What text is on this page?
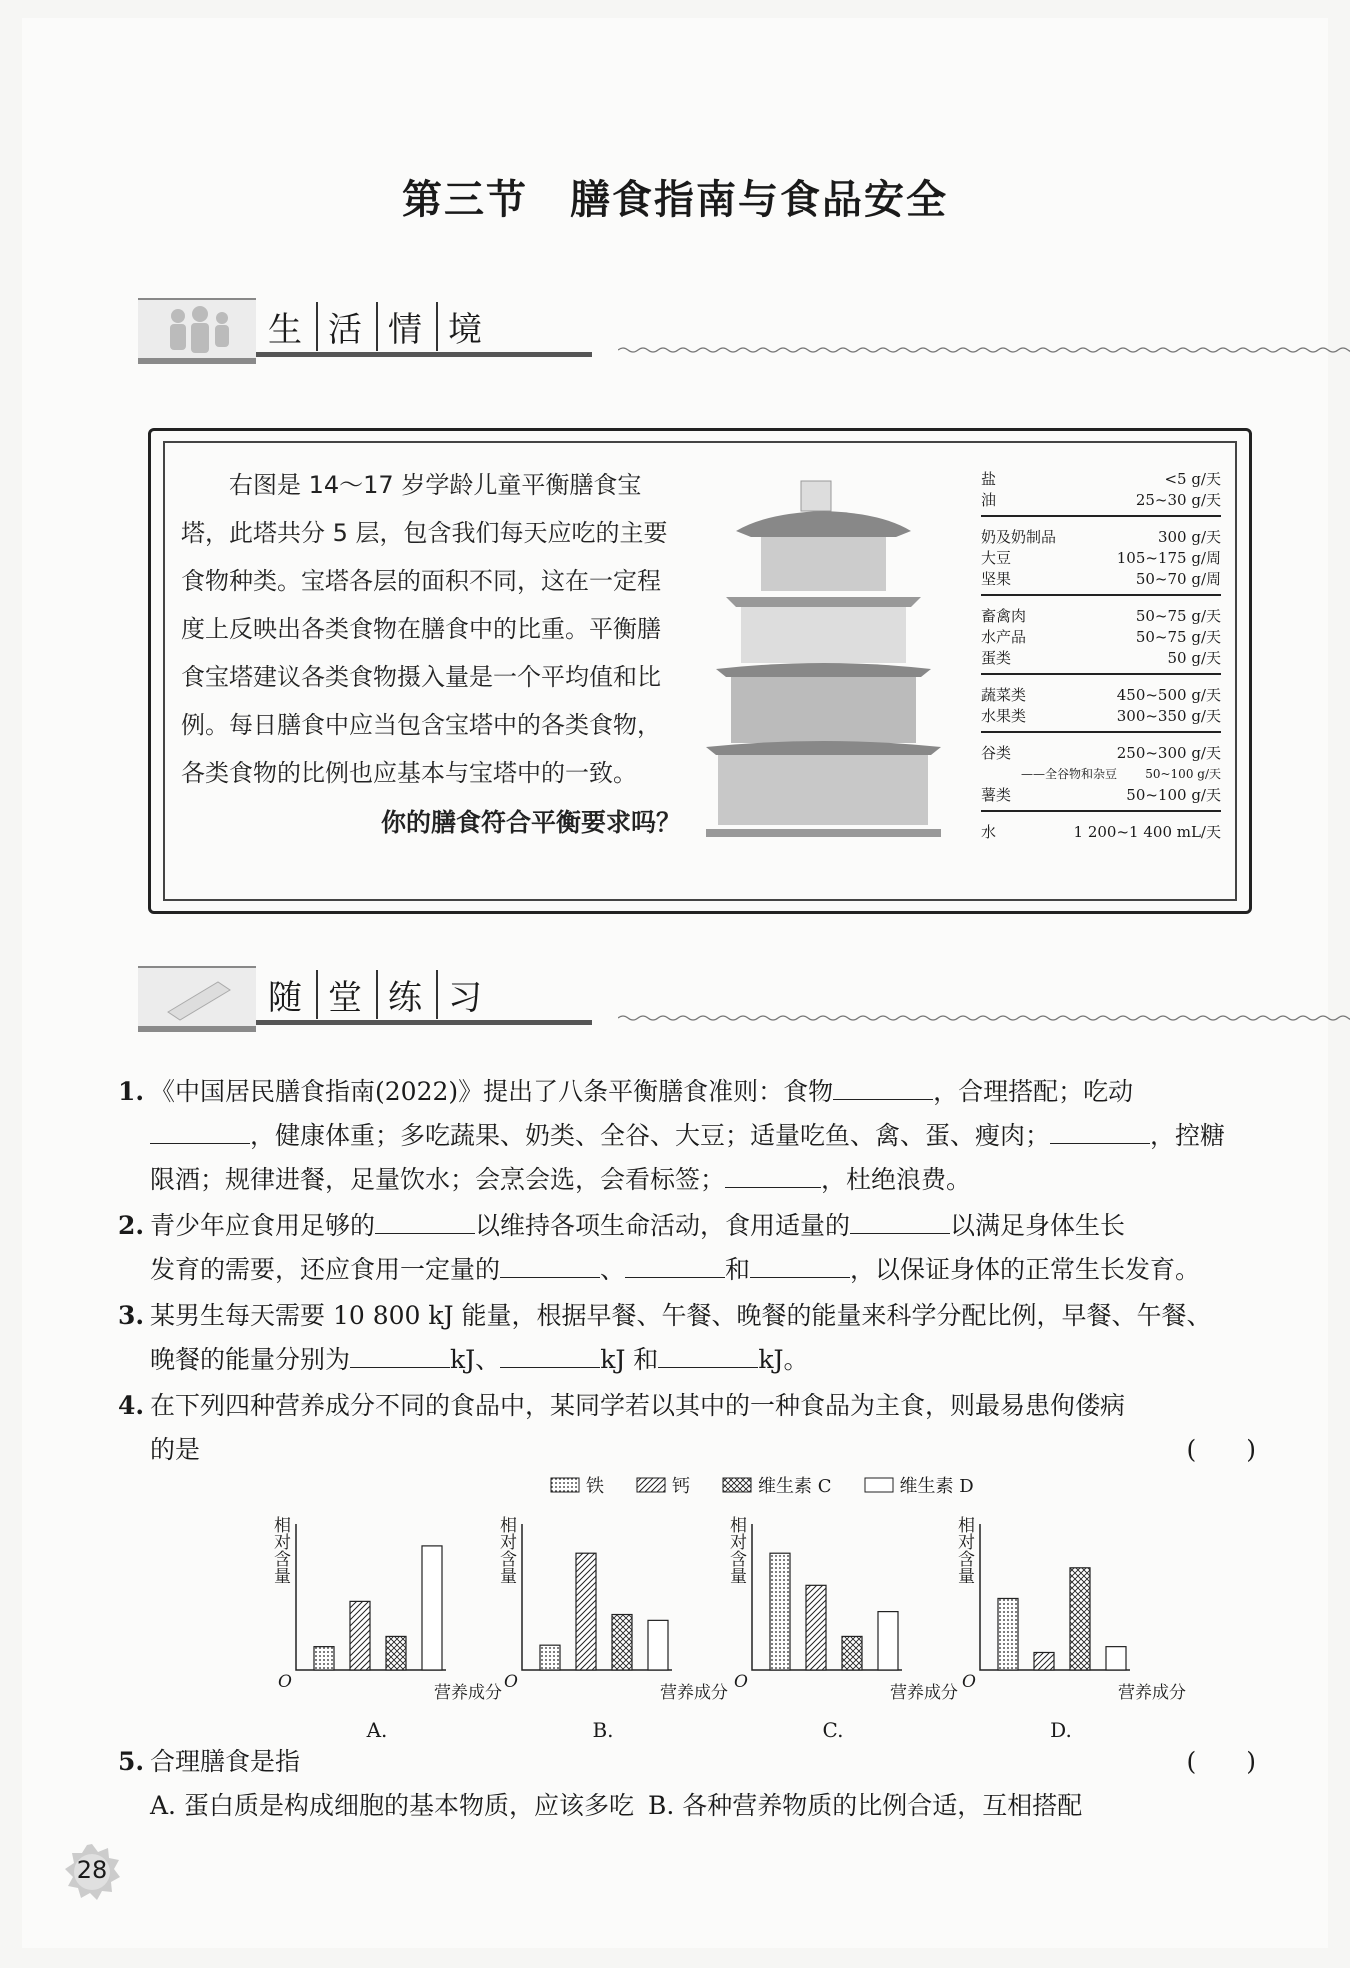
第三节　膳食指南与食品安全
生 活 情 境

右图是 14～17 岁学龄儿童平衡膳食宝塔，此塔共分 5 层，包含我们每天应吃的主要食物种类。宝塔各层的面积不同，这在一定程度上反映出各类食物在膳食中的比重。平衡膳食宝塔建议各类食物摄入量是一个平均值和比例。每日膳食中应当包含宝塔中的各类食物，各类食物的比例也应基本与宝塔中的一致。

你的膳食符合平衡要求吗？

盐	<5 g/天
油	25~30 g/天
奶及奶制品	300 g/天
大豆	105~175 g/周
坚果	50~70 g/周
畜禽肉	50~75 g/天
水产品	50~75 g/天
蛋类	50 g/天
蔬菜类	450~500 g/天
水果类	300~350 g/天
谷类	250~300 g/天
——全谷物和杂豆 50~100 g/天
薯类	50~100 g/天
水	1 200~1 400 mL/天
随 堂 练 习
1. 《中国居民膳食指南(2022)》提出了八条平衡膳食准则：食物	，合理搭配；吃动
，健康体重；多吃蔬果、奶类、全谷、大豆；适量吃鱼、禽、蛋、瘦肉；	，控糖
限酒；规律进餐，足量饮水；会烹会选，会看标签；	，杜绝浪费。
2. 青少年应食用足够的	以维持各项生命活动，食用适量的	以满足身体生长
发育的需要，还应食用一定量的	、	和	，以保证身体的正常生长发育。
3. 某男生每天需要 10 800 kJ 能量，根据早餐、午餐、晚餐的能量来科学分配比例，早餐、午餐、
晚餐的能量分别为	kJ、	kJ 和	kJ。
4. 在下列四种营养成分不同的食品中，某同学若以其中的一种食品为主食，则最易患佝偻病
的是	(　　)
铁	钙	维生素 C	维生素 D
相对含量
O
营养成分
A.
相对含量
O
营养成分
B.
相对含量
O
营养成分
C.
相对含量
O
营养成分
D.
5. 合理膳食是指	(　　)
A. 蛋白质是构成细胞的基本物质，应该多吃 B. 各种营养物质的比例合适，互相搭配
28
